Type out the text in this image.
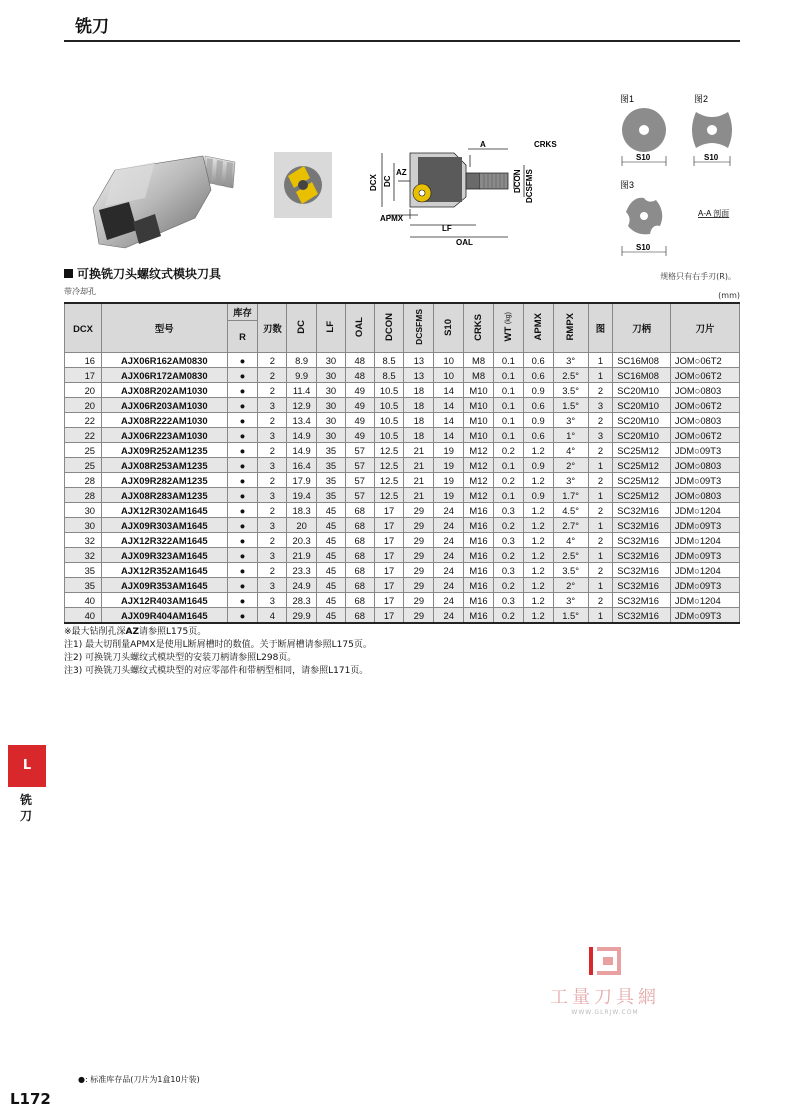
铣刀
A	CRKS
DCX DC
AZ	DCON DCSFMS
APMX
LF
OAL
图1	图2
图3
A-A 剖面
S10	S10
S10
可换铣刀头螺纹式模块刀具
带冷却孔
规格只有右手刃(R)。
(mm)
DCX	型号	库存	刃数	DC	LF	OAL	DCON	DCSFMS	S10	CRKS	WT (kg)	APMX	RMPX	图	刀柄	刀片
		R														
16	AJX06R162AM0830	●	2	8.9	30	48	8.5	13	10	M8	0.1	0.6	3°	1	SC16M08	JOM○06T2
17	AJX06R172AM0830	●	2	9.9	30	48	8.5	13	10	M8	0.1	0.6	2.5°	1	SC16M08	JOM○06T2
20	AJX08R202AM1030	●	2	11.4	30	49	10.5	18	14	M10	0.1	0.9	3.5°	2	SC20M10	JOM○0803
20	AJX06R203AM1030	●	3	12.9	30	49	10.5	18	14	M10	0.1	0.6	1.5°	3	SC20M10	JOM○06T2
22	AJX08R222AM1030	●	2	13.4	30	49	10.5	18	14	M10	0.1	0.9	3°	2	SC20M10	JOM○0803
22	AJX06R223AM1030	●	3	14.9	30	49	10.5	18	14	M10	0.1	0.6	1°	3	SC20M10	JOM○06T2
25	AJX09R252AM1235	●	2	14.9	35	57	12.5	21	19	M12	0.2	1.2	4°	2	SC25M12	JDM○09T3
25	AJX08R253AM1235	●	3	16.4	35	57	12.5	21	19	M12	0.1	0.9	2°	1	SC25M12	JOM○0803
28	AJX09R282AM1235	●	2	17.9	35	57	12.5	21	19	M12	0.2	1.2	3°	2	SC25M12	JDM○09T3
28	AJX08R283AM1235	●	3	19.4	35	57	12.5	21	19	M12	0.1	0.9	1.7°	1	SC25M12	JOM○0803
30	AJX12R302AM1645	●	2	18.3	45	68	17	29	24	M16	0.3	1.2	4.5°	2	SC32M16	JDM○1204
30	AJX09R303AM1645	●	3	20	45	68	17	29	24	M16	0.2	1.2	2.7°	1	SC32M16	JDM○09T3
32	AJX12R322AM1645	●	2	20.3	45	68	17	29	24	M16	0.3	1.2	4°	2	SC32M16	JDM○1204
32	AJX09R323AM1645	●	3	21.9	45	68	17	29	24	M16	0.2	1.2	2.5°	1	SC32M16	JDM○09T3
35	AJX12R352AM1645	●	2	23.3	45	68	17	29	24	M16	0.3	1.2	3.5°	2	SC32M16	JDM○1204
35	AJX09R353AM1645	●	3	24.9	45	68	17	29	24	M16	0.2	1.2	2°	1	SC32M16	JDM○09T3
40	AJX12R403AM1645	●	3	28.3	45	68	17	29	24	M16	0.3	1.2	3°	2	SC32M16	JDM○1204
40	AJX09R404AM1645	●	4	29.9	45	68	17	29	24	M16	0.2	1.2	1.5°	1	SC32M16	JDM○09T3
※最大钻削孔深AZ请参照L175页。
注1) 最大切削量APMX是使用L断屑槽时的数值。关于断屑槽请参照L175页。
注2) 可换铣刀头螺纹式模块型的安装刀柄请参照L298页。
注3) 可换铣刀头螺纹式模块型的对应零部件和带柄型相同，请参照L171页。
L
铣刀
工量刀具網
WWW.GLRJW.COM
●: 标准库存品(刀片为1盒10片装)
L172
